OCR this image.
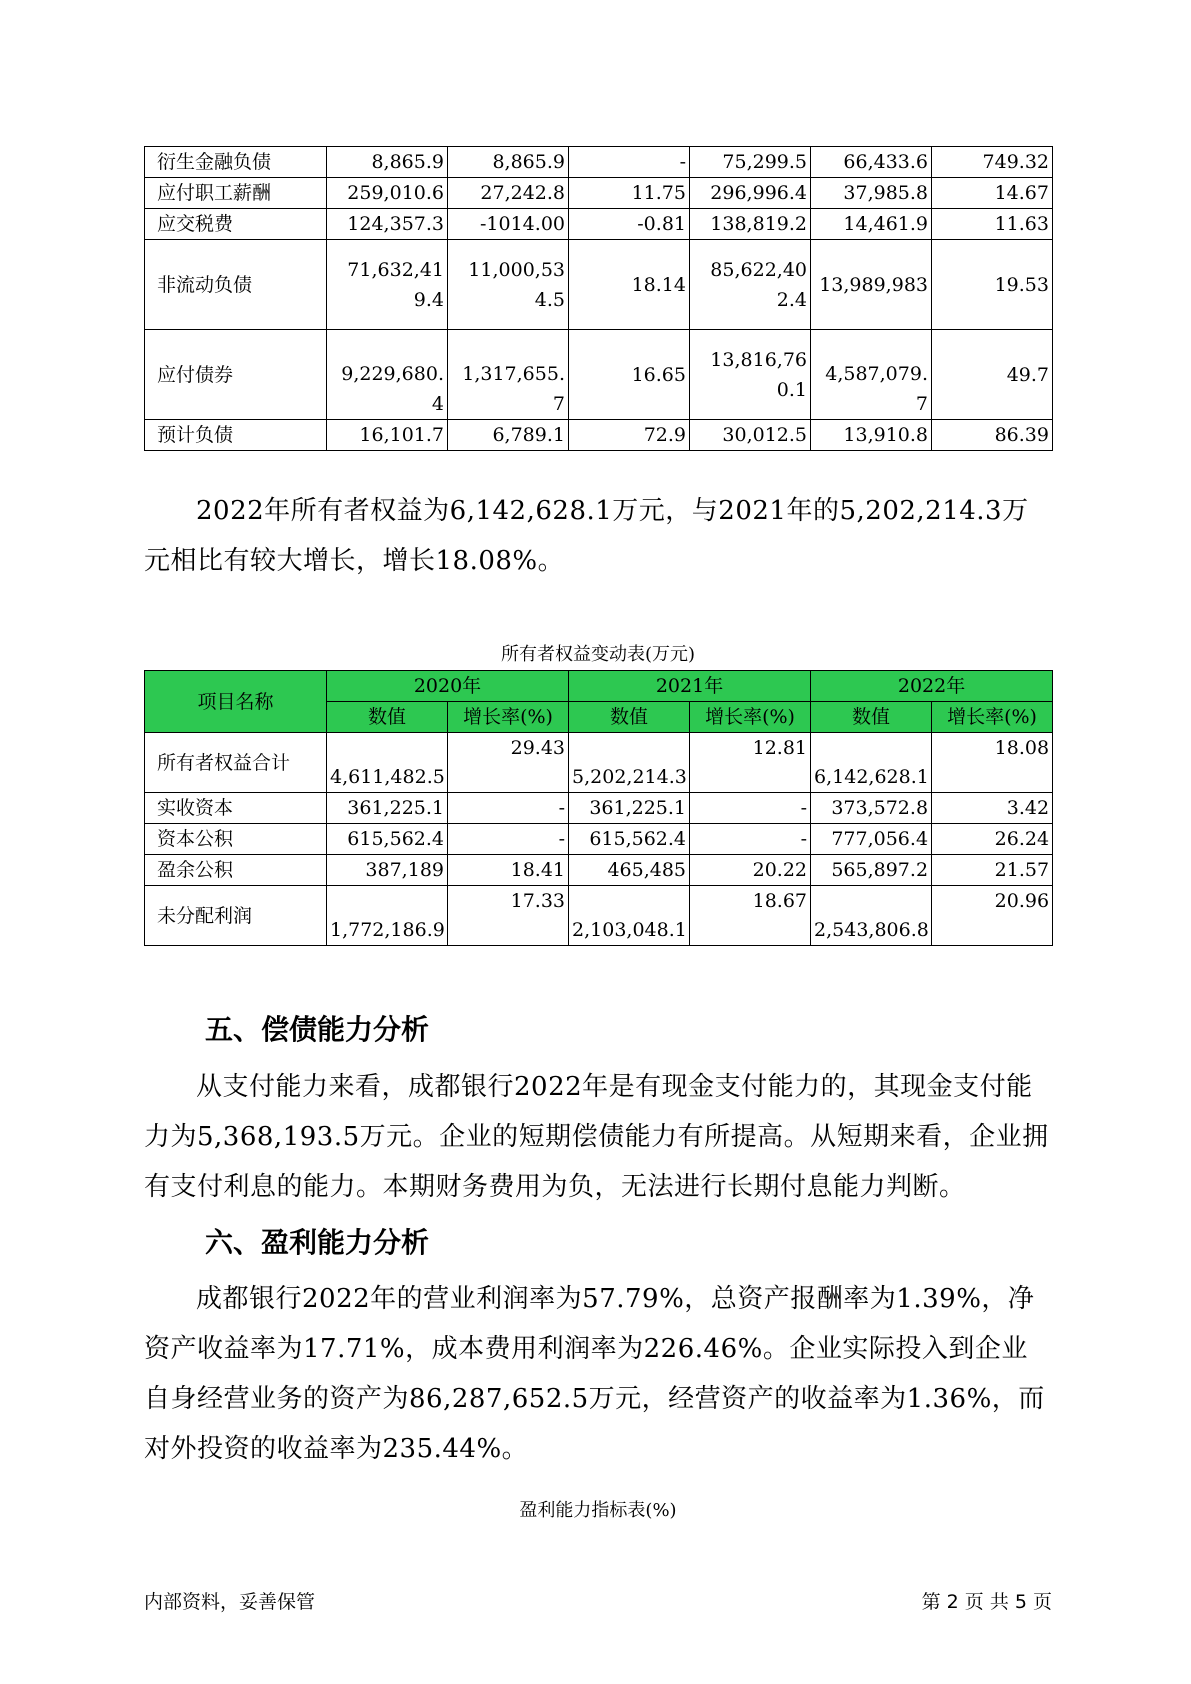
衍生金融负债	8,865.9	8,865.9	-	75,299.5	66,433.6	749.32
应付职工薪酬	259,010.6	27,242.8	11.75	296,996.4	37,985.8	14.67
应交税费	124,357.3	-1014.00	-0.81	138,819.2	14,461.9	11.63
非流动负债	71,632,419.4	11,000,534.5	18.14	85,622,402.4	13,989,983	19.53
应付债券	9,229,680.4	1,317,655.7	16.65	13,816,760.1	4,587,079.7	49.7
预计负债	16,101.7	6,789.1	72.9	30,012.5	13,910.8	86.39

2022年所有者权益为6,142,628.1万元，与2021年的5,202,214.3万元相比有较大增长，增长18.08%。

所有者权益变动表(万元)
项目名称	2020年		2021年		2022年	
	数值	增长率(%)	数值	增长率(%)	数值	增长率(%)
所有者权益合计	4,611,482.5	29.43	5,202,214.3	12.81	6,142,628.1	18.08
实收资本	361,225.1	-	361,225.1	-	373,572.8	3.42
资本公积	615,562.4	-	615,562.4	-	777,056.4	26.24
盈余公积	387,189	18.41	465,485	20.22	565,897.2	21.57
未分配利润	1,772,186.9	17.33	2,103,048.1	18.67	2,543,806.8	20.96
五、偿债能力分析

从支付能力来看，成都银行2022年是有现金支付能力的，其现金支付能力为5,368,193.5万元。企业的短期偿债能力有所提高。从短期来看，企业拥有支付利息的能力。本期财务费用为负，无法进行长期付息能力判断。

六、盈利能力分析

成都银行2022年的营业利润率为57.79%，总资产报酬率为1.39%，净资产收益率为17.71%，成本费用利润率为226.46%。企业实际投入到企业自身经营业务的资产为86,287,652.5万元，经营资产的收益率为1.36%，而对外投资的收益率为235.44%。

盈利能力指标表(%)
内部资料，妥善保管	第 2 页 共 5 页
